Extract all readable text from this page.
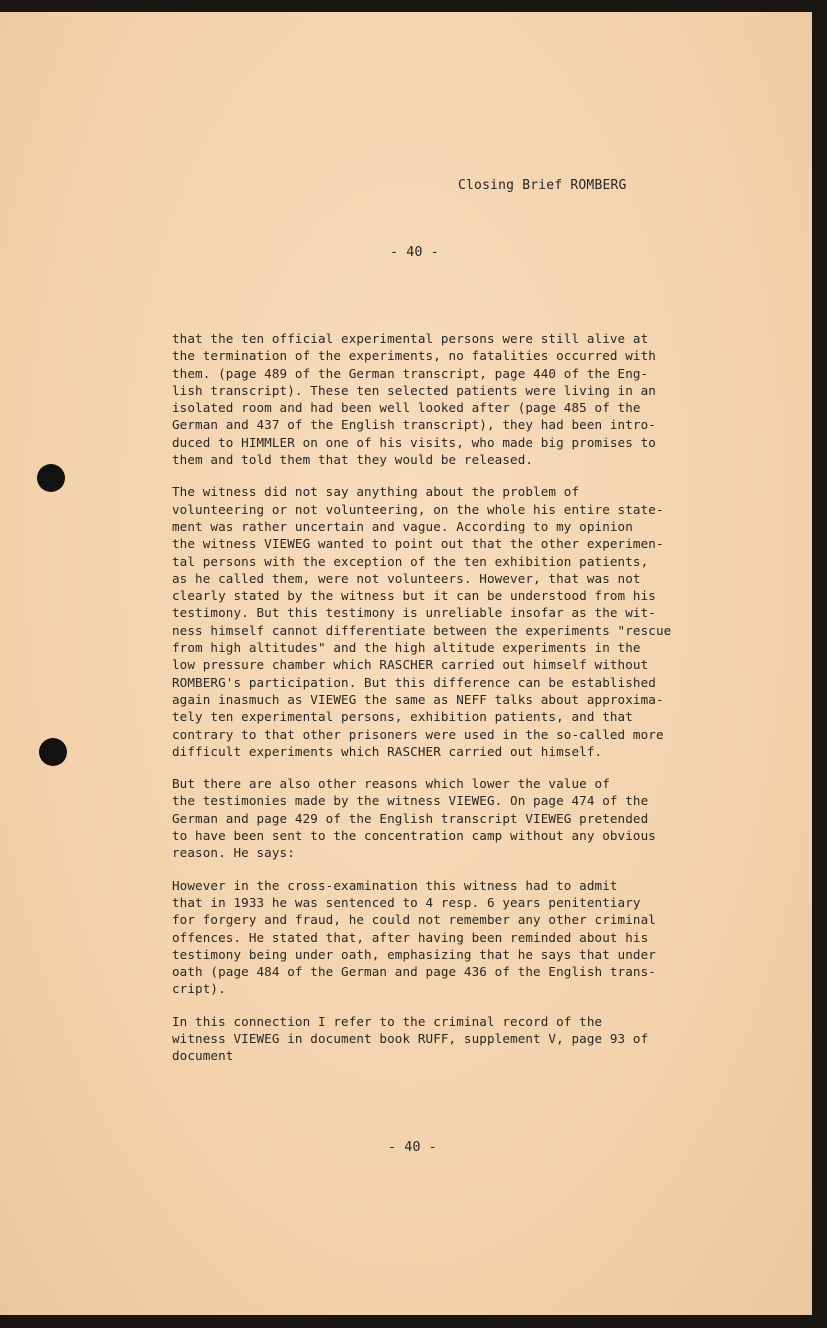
Closing Brief ROMBERG
- 40 -
that the ten official experimental persons were still alive at
the termination of the experiments, no fatalities occurred with
them. (page 489 of the German transcript, page 440 of the Eng-
lish transcript). These ten selected patients were living in an
isolated room and had been well looked after (page 485 of the
German and 437 of the English transcript), they had been intro-
duced to HIMMLER on one of his visits, who made big promises to
them and told them that they would be released.
The witness did not say anything about the problem of
volunteering or not volunteering, on the whole his entire state-
ment was rather uncertain and vague. According to my opinion
the witness VIEWEG wanted to point out that the other experimen-
tal persons with the exception of the ten exhibition patients,
as he called them, were not volunteers. However, that was not
clearly stated by the witness but it can be understood from his
testimony. But this testimony is unreliable insofar as the wit-
ness himself cannot differentiate between the experiments "rescue
from high altitudes" and the high altitude experiments in the
low pressure chamber which RASCHER carried out himself without
ROMBERG's participation. But this difference can be established
again inasmuch as VIEWEG the same as NEFF talks about approxima-
tely ten experimental persons, exhibition patients, and that
contrary to that other prisoners were used in the so-called more
difficult experiments which RASCHER carried out himself.
But there are also other reasons which lower the value of
the testimonies made by the witness VIEWEG. On page 474 of the
German and page 429 of the English transcript VIEWEG pretended
to have been sent to the concentration camp without any obvious
reason. He says:
However in the cross-examination this witness had to admit
that in 1933 he was sentenced to 4 resp. 6 years penitentiary
for forgery and fraud, he could not remember any other criminal
offences. He stated that, after having been reminded about his
testimony being under oath, emphasizing that he says that under
oath (page 484 of the German and page 436 of the English trans-
cript).
In this connection I refer to the criminal record of the
witness VIEWEG in document book RUFF, supplement V, page 93 of
document
- 40 -
